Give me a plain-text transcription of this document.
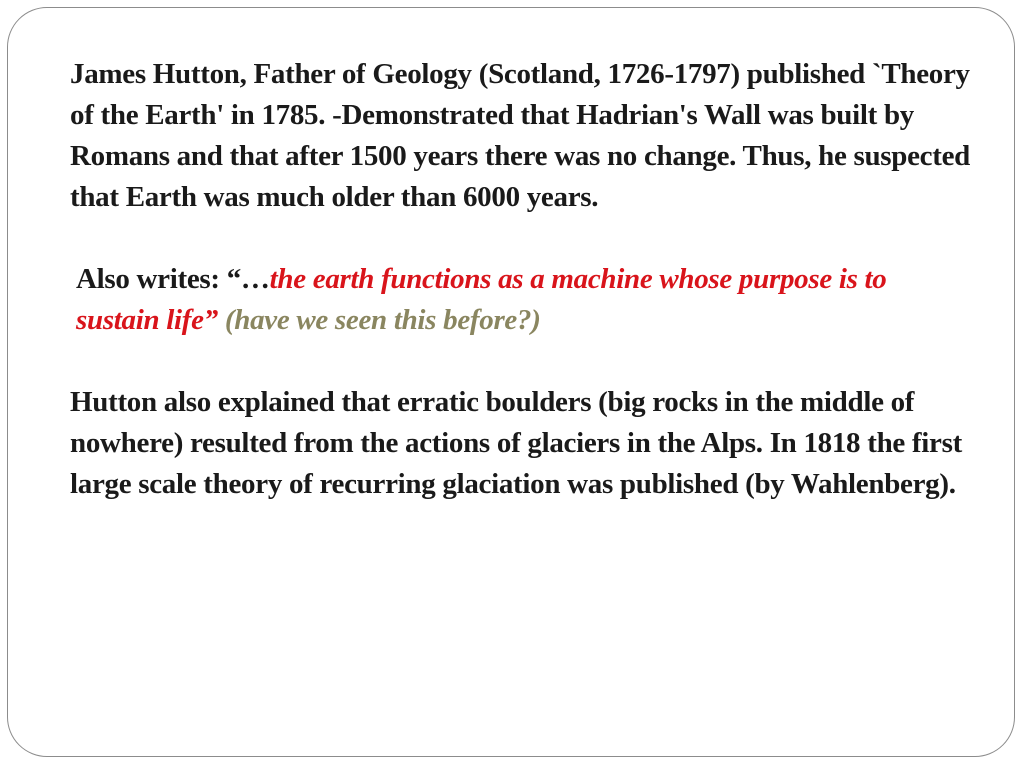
James Hutton, Father of Geology (Scotland, 1726-1797) published `Theory of the Earth' in 1785. -Demonstrated that Hadrian's Wall was built by Romans and that after 1500 years there was no change. Thus, he suspected that Earth was much older than 6000 years.

Also writes: “…the earth functions as a machine whose purpose is to sustain life” (have we seen this before?)

Hutton also explained that erratic boulders (big rocks in the middle of nowhere) resulted from the actions of glaciers in the Alps. In 1818 the first large scale theory of recurring glaciation was published (by Wahlenberg).
